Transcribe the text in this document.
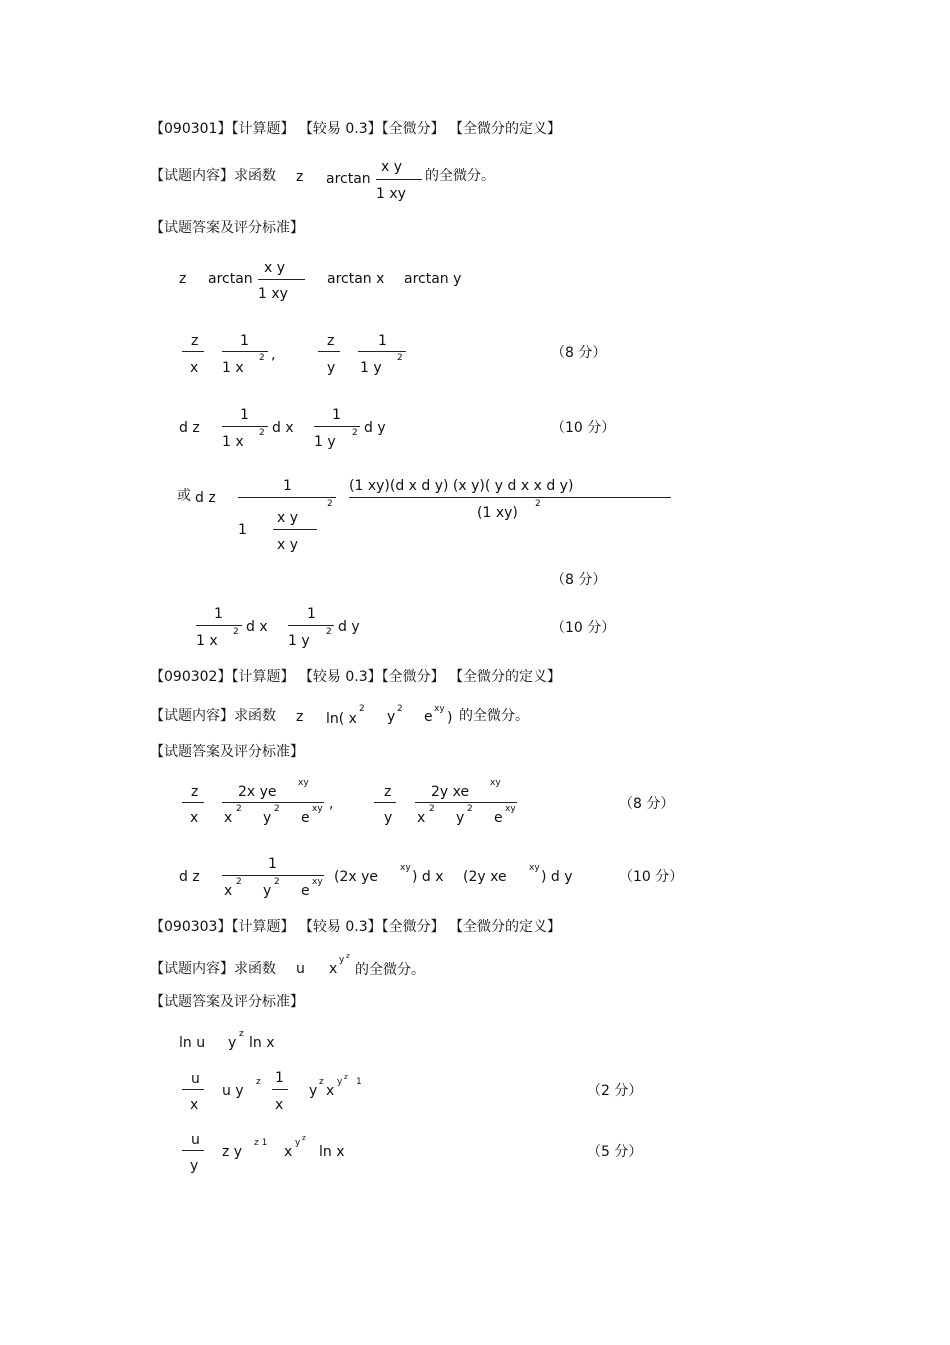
【090301】【计算题】 【较易 0.3】【全微分】 【全微分的定义】
【试题内容】求函数 z arctan
x y
1 xy
的全微分。
【试题答案及评分标准】
z arctan
x y
1 xy
arctan x arctan y
z
x
1
1 x
2 ,
z
y
1
1 y
2	（8 分）
d z
1
1 x
2 d x
1
1 y
2 d y	（10 分）
或 d z
1
1
x y
x y
2
(1 xy)(d x d y) (x y)( y d x x d y)
(1 xy)
2
（8 分）
1
1 x
2 d x
1
1 y
2 d y	（10 分）
【090302】【计算题】 【较易 0.3】【全微分】 【全微分的定义】
【试题内容】求函数 z ln( x
2 y 2 e xy
) 的全微分。
【试题答案及评分标准】
z
x
2x ye
xy
x
2
y
2
e
xy ,
z
y
2y xe
xy
x
2
y
2
e
xy	（8 分）
d z
1
x
2
y
2
e
xy (2x ye
xy
) d x (2y xe
xy
) d y	（10 分）
【090303】【计算题】 【较易 0.3】【全微分】 【全微分的定义】
【试题内容】求函数 u x
y z
的全微分。
【试题答案及评分标准】
ln u y
z
ln x
u
x
u y
z 1
x
y
z
x
y z 1
（2 分）
u
y
z y
z 1
x
y z
ln x	（5 分）
